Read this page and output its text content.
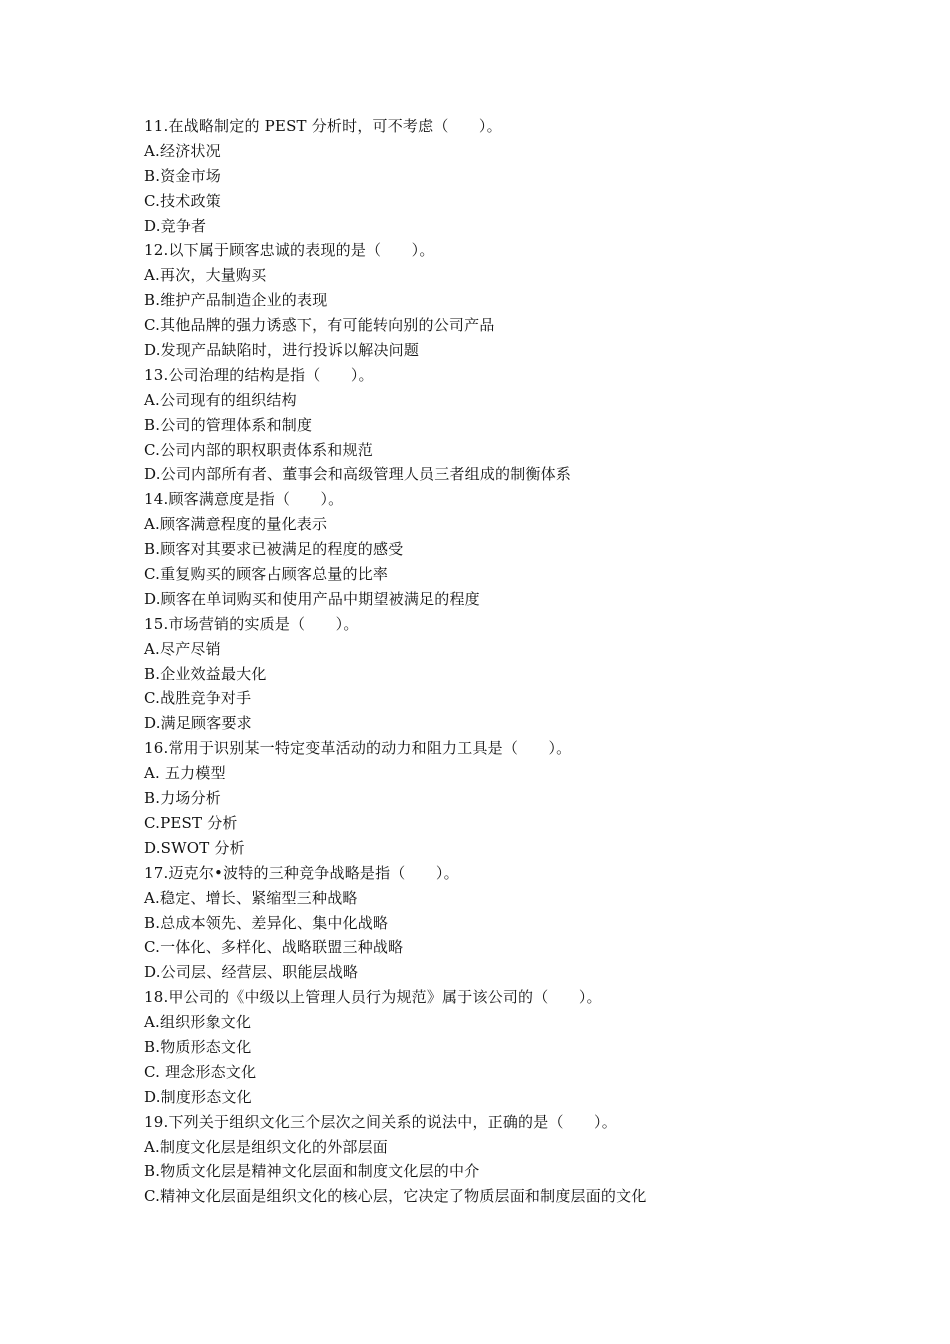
11.在战略制定的 PEST 分析时，可不考虑（　　）。
A.经济状况
B.资金市场
C.技术政策
D.竞争者
12.以下属于顾客忠诚的表现的是（　　）。
A.再次，大量购买
B.维护产品制造企业的表现
C.其他品牌的强力诱惑下，有可能转向别的公司产品
D.发现产品缺陷时，进行投诉以解决问题
13.公司治理的结构是指（　　）。
A.公司现有的组织结构
B.公司的管理体系和制度
C.公司内部的职权职责体系和规范
D.公司内部所有者、董事会和高级管理人员三者组成的制衡体系
14.顾客满意度是指（　　）。
A.顾客满意程度的量化表示
B.顾客对其要求已被满足的程度的感受
C.重复购买的顾客占顾客总量的比率
D.顾客在单词购买和使用产品中期望被满足的程度
15.市场营销的实质是（　　）。
A.尽产尽销
B.企业效益最大化
C.战胜竞争对手
D.满足顾客要求
16.常用于识别某一特定变革活动的动力和阻力工具是（　　）。
A. 五力模型
B.力场分析
C.PEST 分析
D.SWOT 分析
17.迈克尔•波特的三种竞争战略是指（　　）。
A.稳定、增长、紧缩型三种战略
B.总成本领先、差异化、集中化战略
C.一体化、多样化、战略联盟三种战略
D.公司层、经营层、职能层战略
18.甲公司的《中级以上管理人员行为规范》属于该公司的（　　）。
A.组织形象文化
B.物质形态文化
C. 理念形态文化
D.制度形态文化
19.下列关于组织文化三个层次之间关系的说法中，正确的是（　　）。
A.制度文化层是组织文化的外部层面
B.物质文化层是精神文化层面和制度文化层的中介
C.精神文化层面是组织文化的核心层，它决定了物质层面和制度层面的文化
